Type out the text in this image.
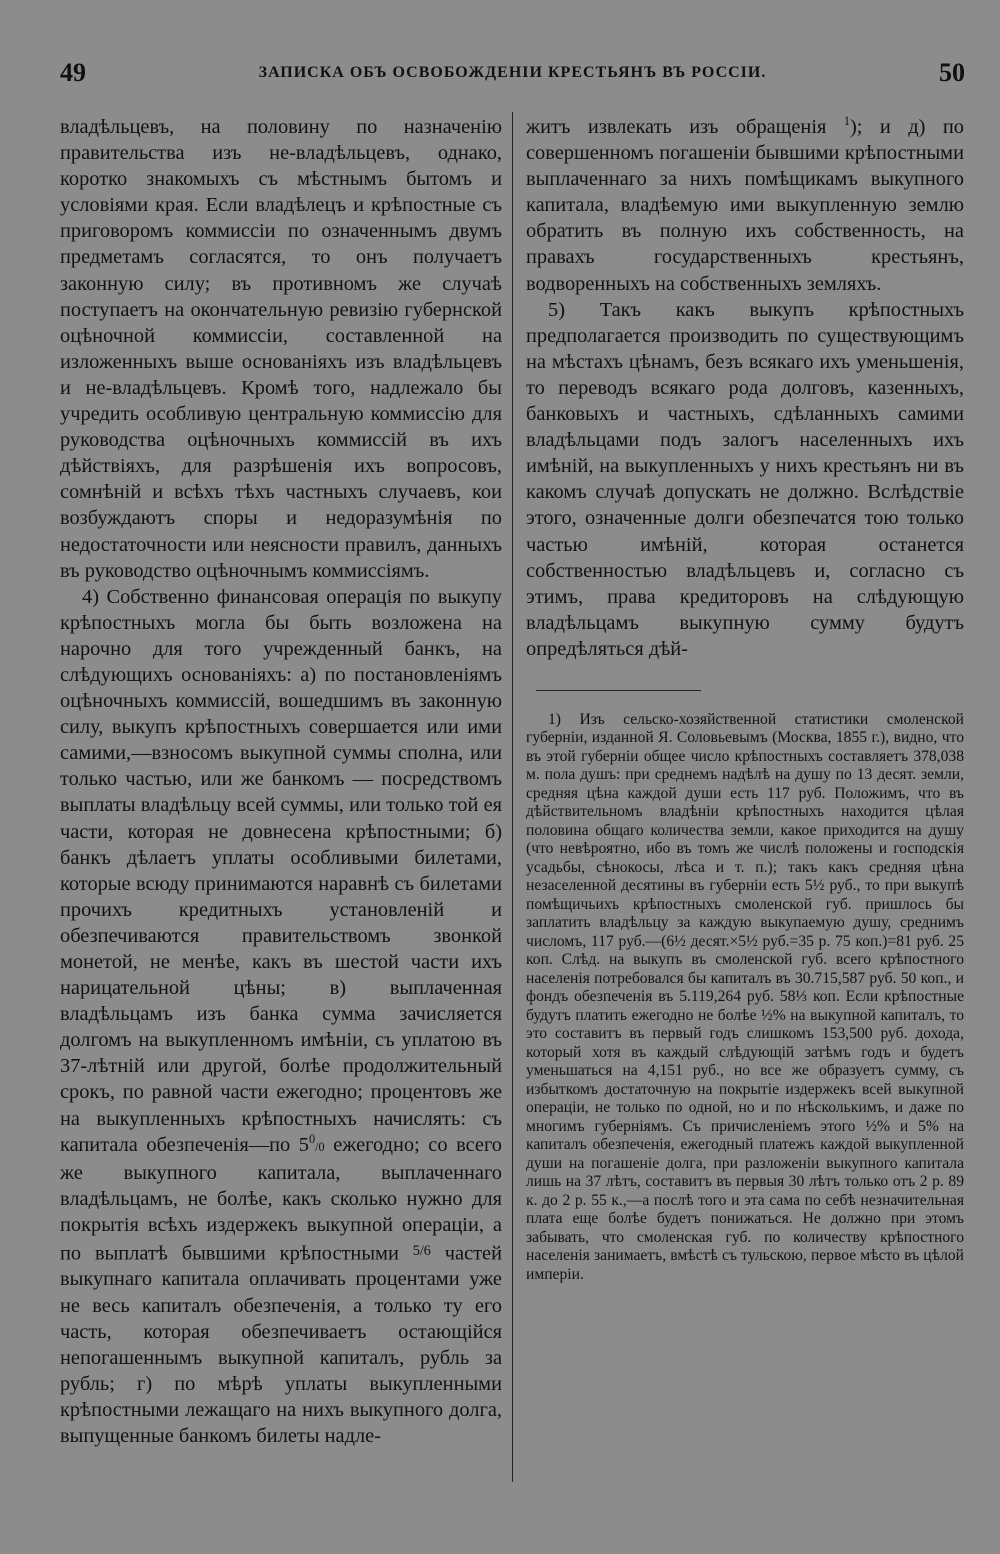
49	ЗАПИСКА ОБЪ ОСВОБОЖДЕНІИ КРЕСТЬЯНЪ ВЪ РОССІИ.	50

владѣльцевъ, на половину по назначенію правительства изъ не-владѣльцевъ, однако, коротко знакомыхъ съ мѣстнымъ бытомъ и условіями края. Если владѣлецъ и крѣпостные съ приговоромъ коммиссіи по означеннымъ двумъ предметамъ согласятся, то онъ получаетъ законную силу; въ противномъ же случаѣ поступаетъ на окончательную ревизію губернской оцѣночной коммиссіи, составленной на изложенныхъ выше основаніяхъ изъ владѣльцевъ и не-владѣльцевъ. Кромѣ того, надлежало бы учредить особливую центральную коммиссію для руководства оцѣночныхъ коммиссій въ ихъ дѣйствіяхъ, для разрѣшенія ихъ вопросовъ, сомнѣній и всѣхъ тѣхъ частныхъ случаевъ, кои возбуждаютъ споры и недоразумѣнія по недостаточности или неясности правилъ, данныхъ въ руководство оцѣночнымъ коммиссіямъ.

4) Собственно финансовая операція по выкупу крѣпостныхъ могла бы быть возложена на нарочно для того учрежденный банкъ, на слѣдующихъ основаніяхъ: а) по постановленіямъ оцѣночныхъ коммиссій, вошедшимъ въ законную силу, выкупъ крѣпостныхъ совершается или ими самими,—взносомъ выкупной суммы сполна, или только частью, или же банкомъ — посредствомъ выплаты владѣльцу всей суммы, или только той ея части, которая не довнесена крѣпостными; б) банкъ дѣлаетъ уплаты особливыми билетами, которые всюду принимаются наравнѣ съ билетами прочихъ кредитныхъ установленій и обезпечиваются правительствомъ звонкой монетой, не менѣе, какъ въ шестой части ихъ нарицательной цѣны; в) выплаченная владѣльцамъ изъ банка сумма зачисляется долгомъ на выкупленномъ имѣніи, съ уплатою въ 37-лѣтній или другой, болѣе продолжительный срокъ, по равной части ежегодно; процентовъ же на выкупленныхъ крѣпостныхъ начислять: съ капитала обезпеченія—по $5^0/0$ ежегодно; со всего же выкупного капитала, выплаченнаго владѣльцамъ, не болѣе, какъ сколько нужно для покрытія всѣхъ издержекъ выкупной операціи, а по выплатѣ бывшими крѣпостными $^{5/6}$ частей выкупнаго капитала оплачивать процентами уже не весь капиталъ обезпеченія, а только ту его часть, которая обезпечиваетъ остающійся непогашеннымъ выкупной капиталъ, рубль за рубль; г) по мѣрѣ уплаты выкупленными крѣпостными лежащаго на нихъ выкупного долга, выпущенные банкомъ билеты надле-

житъ извлекать изъ обращенія $^1$); и д) по совершенномъ погашеніи бывшими крѣпостными выплаченнаго за нихъ помѣщикамъ выкупного капитала, владѣемую ими выкупленную землю обратить въ полную ихъ собственность, на правахъ государственныхъ крестьянъ, водворенныхъ на собственныхъ земляхъ.

5) Такъ какъ выкупъ крѣпостныхъ предполагается производить по существующимъ на мѣстахъ цѣнамъ, безъ всякаго ихъ уменьшенія, то переводъ всякаго рода долговъ, казенныхъ, банковыхъ и частныхъ, сдѣланныхъ самими владѣльцами подъ залогъ населенныхъ ихъ имѣній, на выкупленныхъ у нихъ крестьянъ ни въ какомъ случаѣ допускать не должно. Вслѣдствіе этого, означенные долги обезпечатся тою только частью имѣній, которая останется собственностью владѣльцевъ и, согласно съ этимъ, права кредиторовъ на слѣдующую владѣльцамъ выкупную сумму будутъ опредѣляться дѣй-

1) Изъ сельско-хозяйственной статистики смоленской губерніи, изданной Я. Соловьевымъ (Москва, 1855 г.), видно, что въ этой губерніи общее число крѣпостныхъ составляетъ 378,038 м. пола душъ: при среднемъ надѣлѣ на душу по 13 десят. земли, средняя цѣна каждой души есть 117 руб. Положимъ, что въ дѣйствительномъ владѣніи крѣпостныхъ находится цѣлая половина общаго количества земли, какое приходится на душу (что невѣроятно, ибо въ томъ же числѣ положены и господскія усадьбы, сѣнокосы, лѣса и т. п.); такъ какъ средняя цѣна незаселенной десятины въ губерніи есть 5½ руб., то при выкупѣ помѣщичьихъ крѣпостныхъ смоленской губ. пришлось бы заплатить владѣльцу за каждую выкупаемую душу, среднимъ числомъ, 117 руб.—(6½ десят.×5½ руб.=35 р. 75 коп.)=81 руб. 25 коп. Слѣд. на выкупъ въ смоленской губ. всего крѣпостного населенія потребовался бы капиталъ въ 30.715,587 руб. 50 коп., и фондъ обезпеченія въ 5.119,264 руб. 58⅓ коп. Если крѣпостные будутъ платить ежегодно не болѣе ½% на выкупной капиталъ, то это составитъ въ первый годъ слишкомъ 153,500 руб. дохода, который хотя въ каждый слѣдующій затѣмъ годъ и будетъ уменьшаться на 4,151 руб., но все же образуетъ сумму, съ избыткомъ достаточную на покрытіе издержекъ всей выкупной операціи, не только по одной, но и по нѣсколькимъ, и даже по многимъ губерніямъ. Съ причисленіемъ этого ½% и 5% на капиталъ обезпеченія, ежегодный платежъ каждой выкупленной души на погашеніе долга, при разложеніи выкупного капитала лишь на 37 лѣтъ, составитъ въ первыя 30 лѣтъ только отъ 2 р. 89 к. до 2 р. 55 к.,—а послѣ того и эта сама по себѣ незначительная плата еще болѣе будетъ понижаться. Не должно при этомъ забывать, что смоленская губ. по количеству крѣпостного населенія занимаетъ, вмѣстѣ съ тульскою, первое мѣсто въ цѣлой имперіи.
